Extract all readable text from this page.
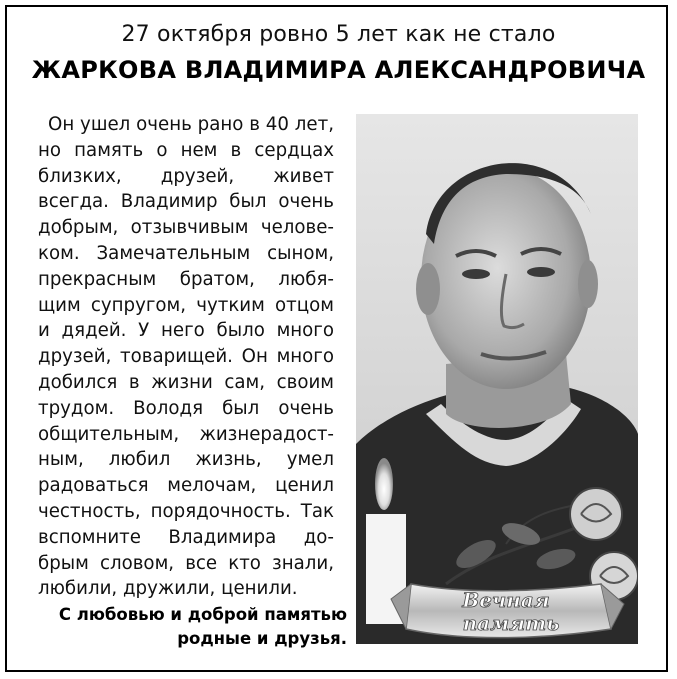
27 октября ровно 5 лет как не стало
ЖАРКОВА ВЛАДИМИРА АЛЕКСАНДРОВИЧА

Он ушел очень рано в 40 лет, но память о нем в сердцах близких, друзей, живет всегда. Владимир был очень добрым, отзывчивым человеком. Замечательным сыном, прекрасным братом, любящим супругом, чутким отцом и дядей. У него было много друзей, товарищей. Он много добился в жизни сам, своим трудом. Володя был очень общительным, жизнерадостным, любил жизнь, умел радоваться мелочам, ценил честность, порядочность. Так вспомните Владимира добрым словом, все кто знали, любили, дружили, ценили.

С любовью и доброй памятью
родные и друзья.
Вечная
память
